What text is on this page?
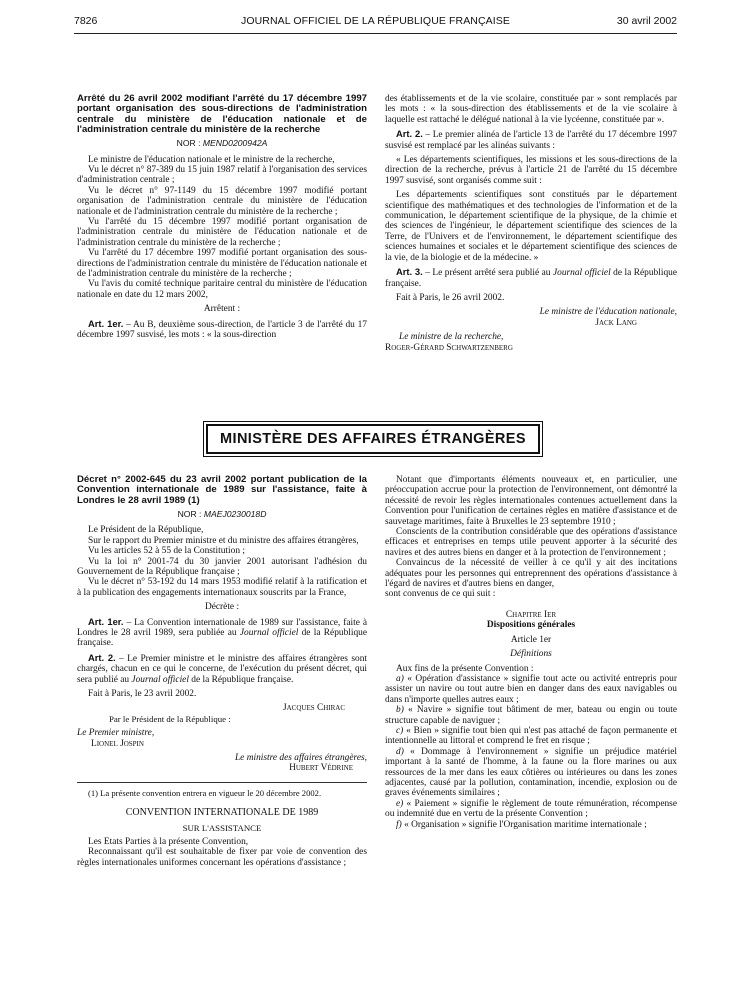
7826	JOURNAL OFFICIEL DE LA RÉPUBLIQUE FRANÇAISE	30 avril 2002
Arrêté du 26 avril 2002 modifiant l'arrêté du 17 décembre 1997 portant organisation des sous-directions de l'administration centrale du ministère de l'éducation nationale et de l'administration centrale du ministère de la recherche
NOR : MEND0200942A

Le ministre de l'éducation nationale et le ministre de la recherche,

Vu le décret n° 87-389 du 15 juin 1987 relatif à l'organisation des services d'administration centrale ;

Vu le décret n° 97-1149 du 15 décembre 1997 modifié portant organisation de l'administration centrale du ministère de l'éducation nationale et de l'administration centrale du ministère de la recherche ;

Vu l'arrêté du 15 décembre 1997 modifié portant organisation de l'administration centrale du ministère de l'éducation nationale et de l'administration centrale du ministère de la recherche ;

Vu l'arrêté du 17 décembre 1997 modifié portant organisation des sous-directions de l'administration centrale du ministère de l'éducation nationale et de l'administration centrale du ministère de la recherche ;

Vu l'avis du comité technique paritaire central du ministère de l'éducation nationale en date du 12 mars 2002,

Arrêtent :

Art. 1er. – Au B, deuxième sous-direction, de l'article 3 de l'arrêté du 17 décembre 1997 susvisé, les mots : « la sous-direction

des établissements et de la vie scolaire, constituée par » sont remplacés par les mots : « la sous-direction des établissements et de la vie scolaire à laquelle est rattaché le délégué national à la vie lycéenne, constituée par ».

Art. 2. – Le premier alinéa de l'article 13 de l'arrêté du 17 décembre 1997 susvisé est remplacé par les alinéas suivants :

« Les départements scientifiques, les missions et les sous-directions de la direction de la recherche, prévus à l'article 21 de l'arrêté du 15 décembre 1997 susvisé, sont organisés comme suit :

Les départements scientifiques sont constitués par le département scientifique des mathématiques et des technologies de l'information et de la communication, le département scientifique de la physique, de la chimie et des sciences de l'ingénieur, le département scientifique des sciences de la Terre, de l'Univers et de l'environnement, le département scientifique des sciences humaines et sociales et le département scientifique des sciences de la vie, de la biologie et de la médecine. »

Art. 3. – Le présent arrêté sera publié au Journal officiel de la République française.

Fait à Paris, le 26 avril 2002.

Le ministre de l'éducation nationale,
Jack Lang
Le ministre de la recherche,
Roger-Gérard Schwartzenberg
MINISTÈRE DES AFFAIRES ÉTRANGÈRES
Décret n° 2002-645 du 23 avril 2002 portant publication de la Convention internationale de 1989 sur l'assistance, faite à Londres le 28 avril 1989 (1)
NOR : MAEJ0230018D

Le Président de la République,

Sur le rapport du Premier ministre et du ministre des affaires étrangères,

Vu les articles 52 à 55 de la Constitution ;

Vu la loi n° 2001-74 du 30 janvier 2001 autorisant l'adhésion du Gouvernement de la République française ;

Vu le décret n° 53-192 du 14 mars 1953 modifié relatif à la ratification et à la publication des engagements internationaux souscrits par la France,

Décrète :

Art. 1er. – La Convention internationale de 1989 sur l'assistance, faite à Londres le 28 avril 1989, sera publiée au Journal officiel de la République française.

Art. 2. – Le Premier ministre et le ministre des affaires étrangères sont chargés, chacun en ce qui le concerne, de l'exécution du présent décret, qui sera publié au Journal officiel de la République française.

Fait à Paris, le 23 avril 2002.

Jacques Chirac
Par le Président de la République :
Le Premier ministre,
Lionel Jospin
Le ministre des affaires étrangères,
Hubert Védrine

(1) La présente convention entrera en vigueur le 20 décembre 2002.

CONVENTION INTERNATIONALE DE 1989
SUR L'ASSISTANCE

Les Etats Parties à la présente Convention,

Reconnaissant qu'il est souhaitable de fixer par voie de convention des règles internationales uniformes concernant les opérations d'assistance ;

Notant que d'importants éléments nouveaux et, en particulier, une préoccupation accrue pour la protection de l'environnement, ont démontré la nécessité de revoir les règles internationales contenues actuellement dans la Convention pour l'unification de certaines règles en matière d'assistance et de sauvetage maritimes, faite à Bruxelles le 23 septembre 1910 ;

Conscients de la contribution considérable que des opérations d'assistance efficaces et entreprises en temps utile peuvent apporter à la sécurité des navires et des autres biens en danger et à la protection de l'environnement ;

Convaincus de la nécessité de veiller à ce qu'il y ait des incitations adéquates pour les personnes qui entreprennent des opérations d'assistance à l'égard de navires et d'autres biens en danger,

sont convenus de ce qui suit :

Chapitre Ier
Dispositions générales
Article 1er
Définitions

Aux fins de la présente Convention :

a) « Opération d'assistance » signifie tout acte ou activité entrepris pour assister un navire ou tout autre bien en danger dans des eaux navigables ou dans n'importe quelles autres eaux ;

b) « Navire » signifie tout bâtiment de mer, bateau ou engin ou toute structure capable de naviguer ;

c) « Bien » signifie tout bien qui n'est pas attaché de façon permanente et intentionnelle au littoral et comprend le fret en risque ;

d) « Dommage à l'environnement » signifie un préjudice matériel important à la santé de l'homme, à la faune ou la flore marines ou aux ressources de la mer dans les eaux côtières ou intérieures ou dans les zones adjacentes, causé par la pollution, contamination, incendie, explosion ou de graves événements similaires ;

e) « Paiement » signifie le règlement de toute rémunération, récompense ou indemnité due en vertu de la présente Convention ;

f) « Organisation » signifie l'Organisation maritime internationale ;
